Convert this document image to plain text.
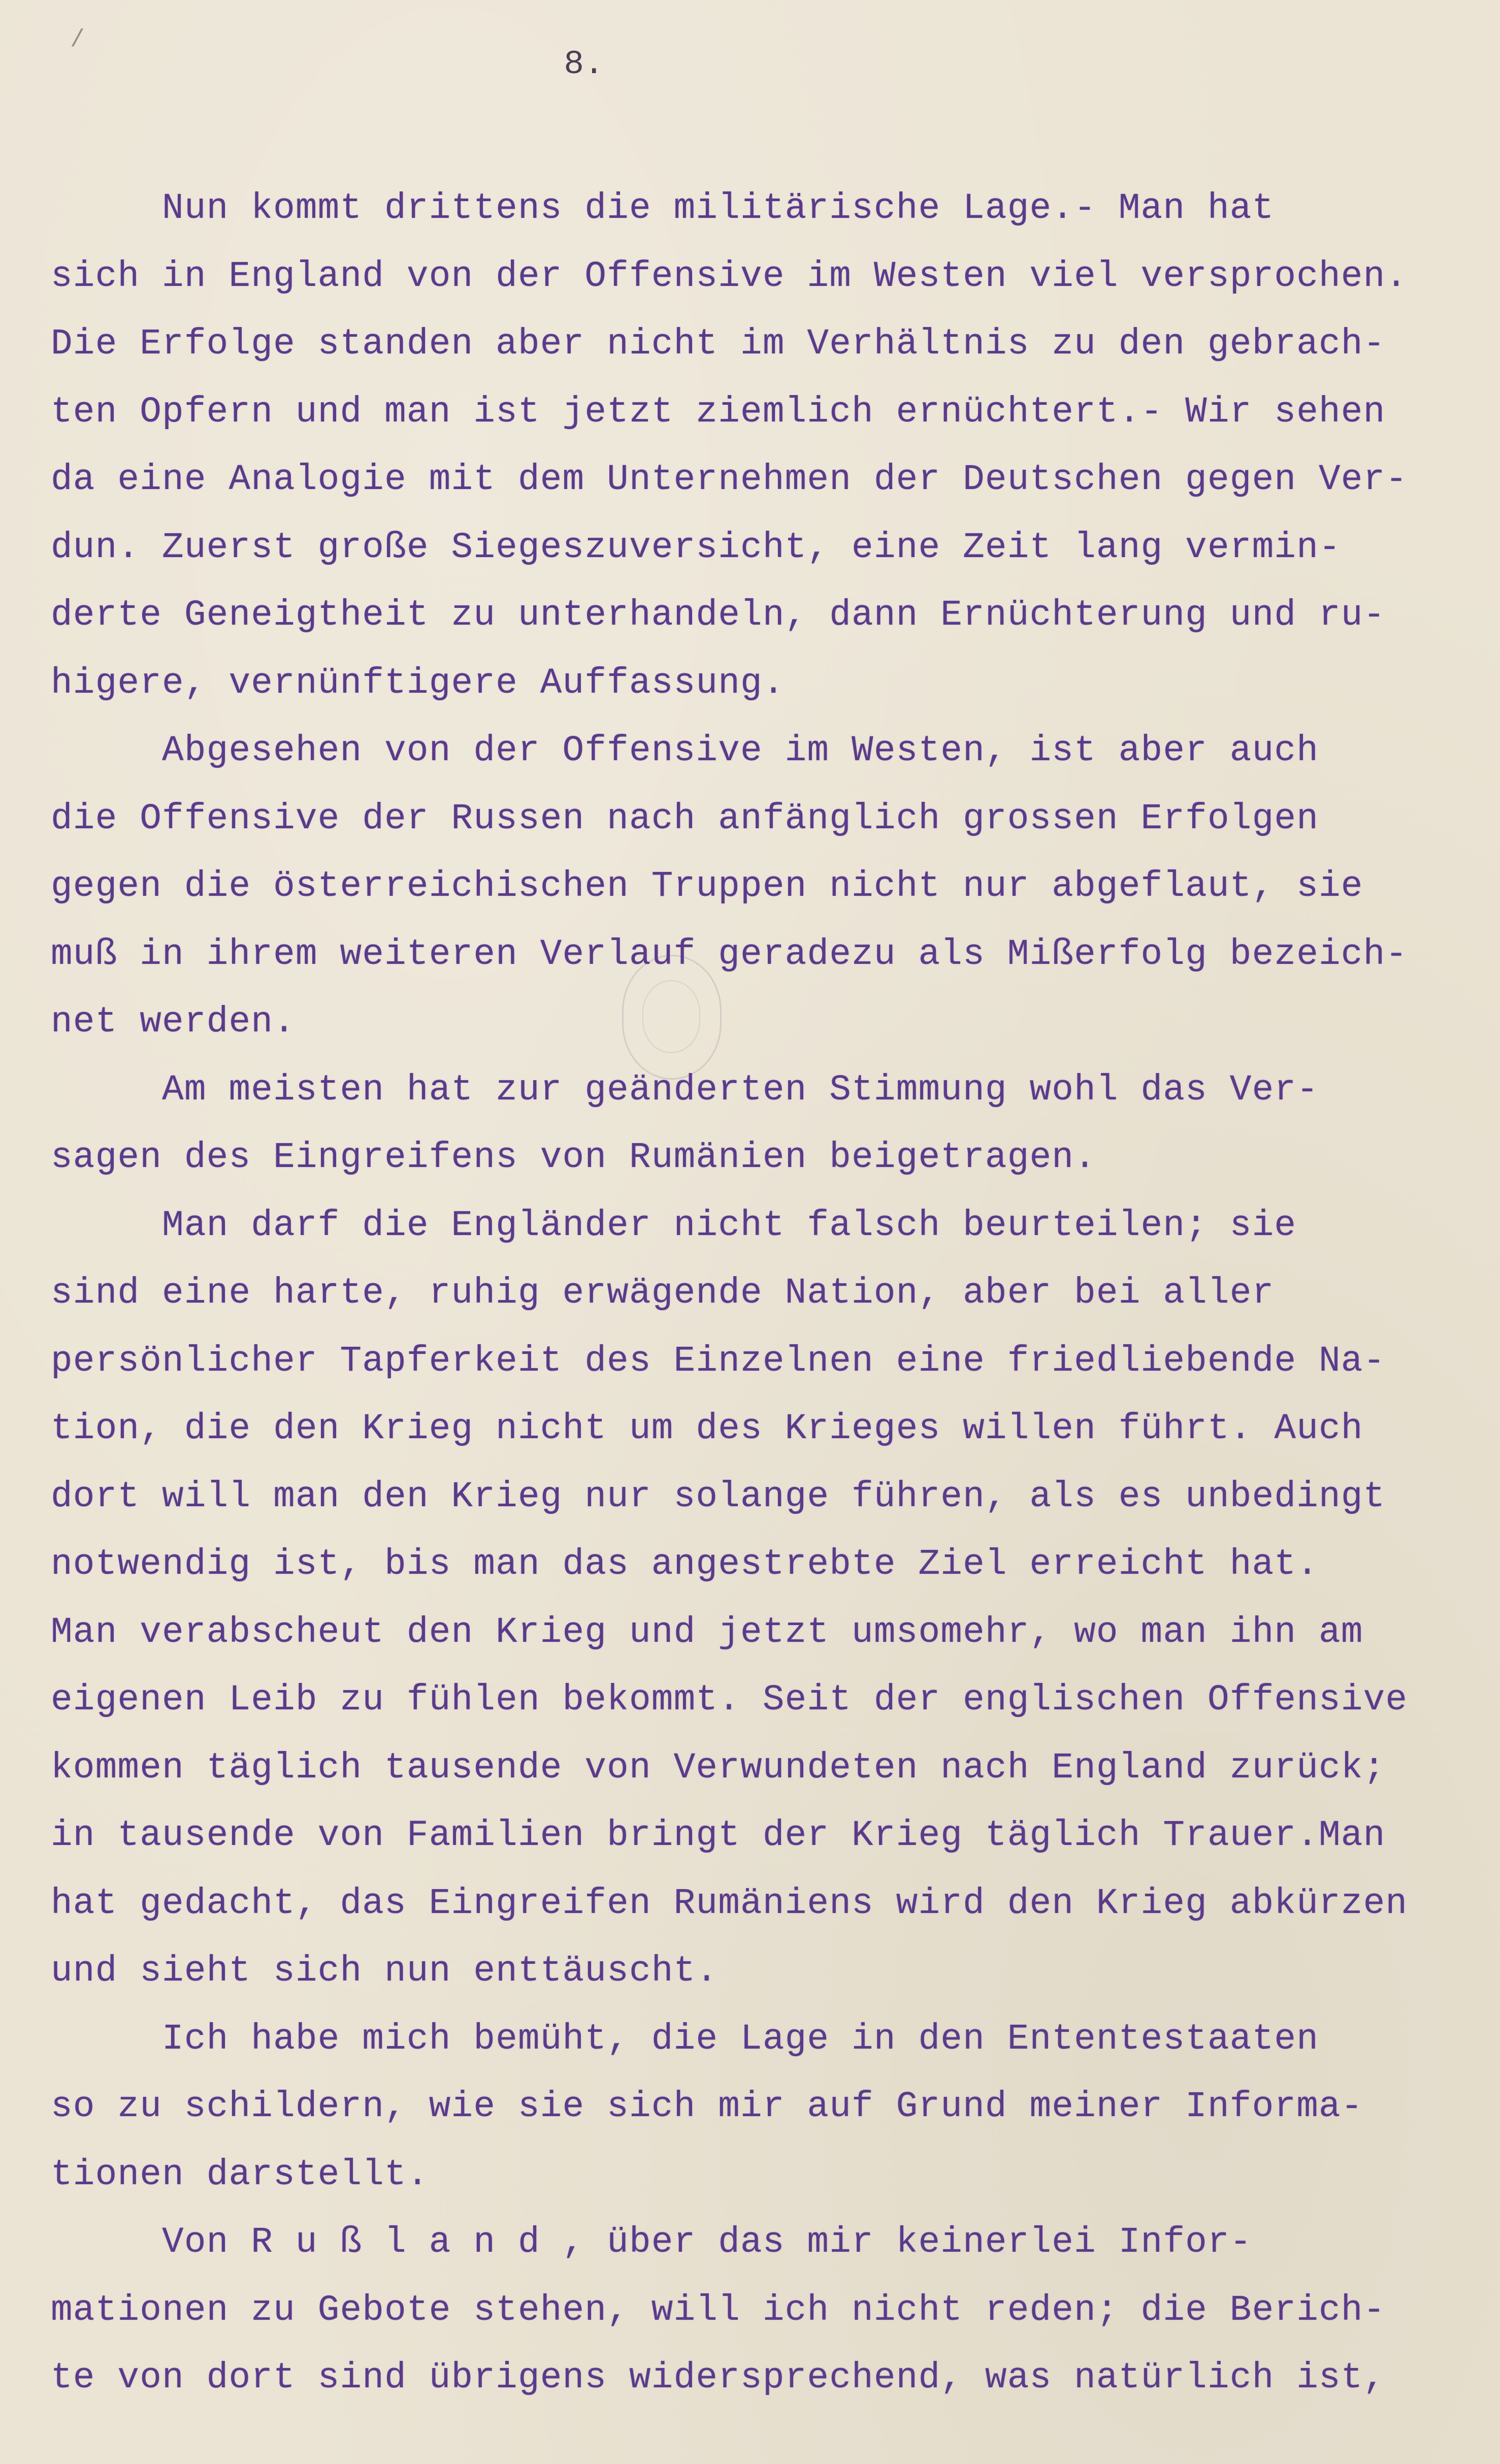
/
8.
Nun kommt drittens die militärische Lage.- Man hat
sich in England von der Offensive im Westen viel versprochen.
Die Erfolge standen aber nicht im Verhältnis zu den gebrach-
ten Opfern und man ist jetzt ziemlich ernüchtert.- Wir sehen
da eine Analogie mit dem Unternehmen der Deutschen gegen Ver-
dun. Zuerst große Siegeszuversicht, eine Zeit lang vermin-
derte Geneigtheit zu unterhandeln, dann Ernüchterung und ru-
higere, vernünftigere Auffassung.
Abgesehen von der Offensive im Westen, ist aber auch
die Offensive der Russen nach anfänglich grossen Erfolgen
gegen die österreichischen Truppen nicht nur abgeflaut, sie
muß in ihrem weiteren Verlauf geradezu als Mißerfolg bezeich-
net werden.
Am meisten hat zur geänderten Stimmung wohl das Ver-
sagen des Eingreifens von Rumänien beigetragen.
Man darf die Engländer nicht falsch beurteilen; sie
sind eine harte, ruhig erwägende Nation, aber bei aller
persönlicher Tapferkeit des Einzelnen eine friedliebende Na-
tion, die den Krieg nicht um des Krieges willen führt. Auch
dort will man den Krieg nur solange führen, als es unbedingt
notwendig ist, bis man das angestrebte Ziel erreicht hat.
Man verabscheut den Krieg und jetzt umsomehr, wo man ihn am
eigenen Leib zu fühlen bekommt. Seit der englischen Offensive
kommen täglich tausende von Verwundeten nach England zurück;
in tausende von Familien bringt der Krieg täglich Trauer.Man
hat gedacht, das Eingreifen Rumäniens wird den Krieg abkürzen
und sieht sich nun enttäuscht.
Ich habe mich bemüht, die Lage in den Ententestaaten
so zu schildern, wie sie sich mir auf Grund meiner Informa-
tionen darstellt.
Von R u ß l a n d , über das mir keinerlei Infor-
mationen zu Gebote stehen, will ich nicht reden; die Berich-
te von dort sind übrigens widersprechend, was natürlich ist,
